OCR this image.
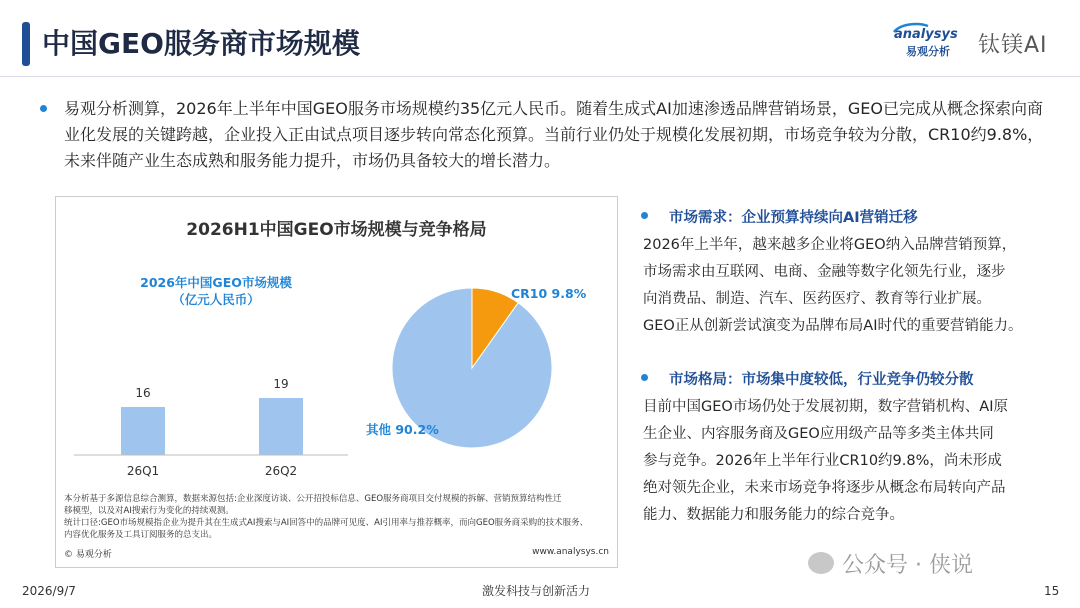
中国GEO服务商市场规模	analysys
易观分析 钛镁AI
易观分析测算，2026年上半年中国GEO服务市场规模约35亿元人民币。随着生成式AI加速渗透品牌营销场景，GEO已完成从概念探索向商业化发展的关键跨越，企业投入正由试点项目逐步转向常态化预算。当前行业仍处于规模化发展初期，市场竞争较为分散，CR10约9.8%，未来伴随产业生态成熟和服务能力提升，市场仍具备较大的增长潜力。
2026H1中国GEO市场规模与竞争格局
2026年中国GEO市场规模
（亿元人民币）
16
26Q1
19
26Q2
CR10 9.8%
其他 90.2%
本分析基于多源信息综合测算，数据来源包括:企业深度访谈、公开招投标信息、GEO服务商项目交付规模的拆解、营销预算结构性迁
移模型，以及对AI搜索行为变化的持续观测。
统计口径:GEO市场规模指企业为提升其在生成式AI搜索与AI回答中的品牌可见度、AI引用率与推荐概率，而向GEO服务商采购的技术服务、
内容优化服务及工具订阅服务的总支出。
© 易观分析	www.analysys.cn
市场需求：企业预算持续向AI营销迁移
2026年上半年，越来越多企业将GEO纳入品牌营销预算，
市场需求由互联网、电商、金融等数字化领先行业，逐步
向消费品、制造、汽车、医药医疗、教育等行业扩展。
GEO正从创新尝试演变为品牌布局AI时代的重要营销能力。
市场格局：市场集中度较低，行业竞争仍较分散
目前中国GEO市场仍处于发展初期，数字营销机构、AI原
生企业、内容服务商及GEO应用级产品等多类主体共同
参与竞争。2026年上半年行业CR10约9.8%，尚未形成
绝对领先企业，未来市场竞争将逐步从概念布局转向产品
能力、数据能力和服务能力的综合竞争。
2026/9/7	激发科技与创新活力
公众号 · 侠说
15
